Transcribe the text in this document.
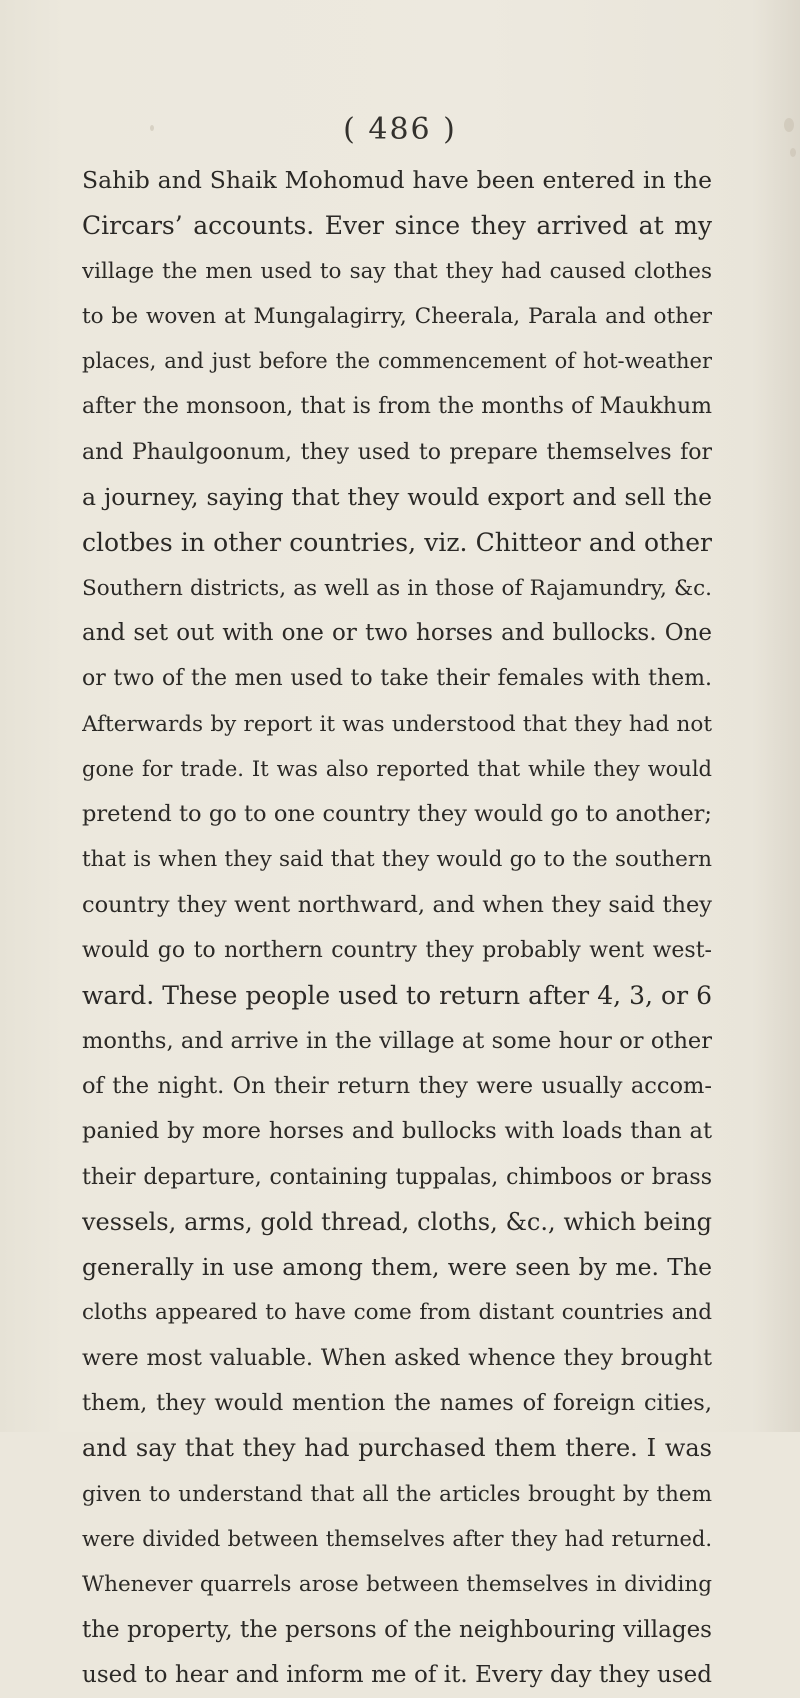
( 486 )
Sahib and Shaik Mohomud have been entered in the
Circars’ accounts. Ever since they arrived at my
village the men used to say that they had caused clothes
to be woven at Mungalagirry, Cheerala, Parala and other
places, and just before the commencement of hot-weather
after the monsoon, that is from the months of Maukhum
and Phaulgoonum, they used to prepare themselves for
a journey, saying that they would export and sell the
clotbes in other countries, viz. Chitteor and other
Southern districts, as well as in those of Rajamundry, &c.
and set out with one or two horses and bullocks. One
or two of the men used to take their females with them.
Afterwards by report it was understood that they had not
gone for trade. It was also reported that while they would
pretend to go to one country they would go to another;
that is when they said that they would go to the southern
country they went northward, and when they said they
would go to northern country they probably went west-
ward. These people used to return after 4, 3, or 6
months, and arrive in the village at some hour or other
of the night. On their return they were usually accom-
panied by more horses and bullocks with loads than at
their departure, containing tuppalas, chimboos or brass
vessels, arms, gold thread, cloths, &c., which being
generally in use among them, were seen by me. The
cloths appeared to have come from distant countries and
were most valuable. When asked whence they brought
them, they would mention the names of foreign cities,
and say that they had purchased them there. I was
given to understand that all the articles brought by them
were divided between themselves after they had returned.
Whenever quarrels arose between themselves in dividing
the property, the persons of the neighbouring villages
used to hear and inform me of it. Every day they used
